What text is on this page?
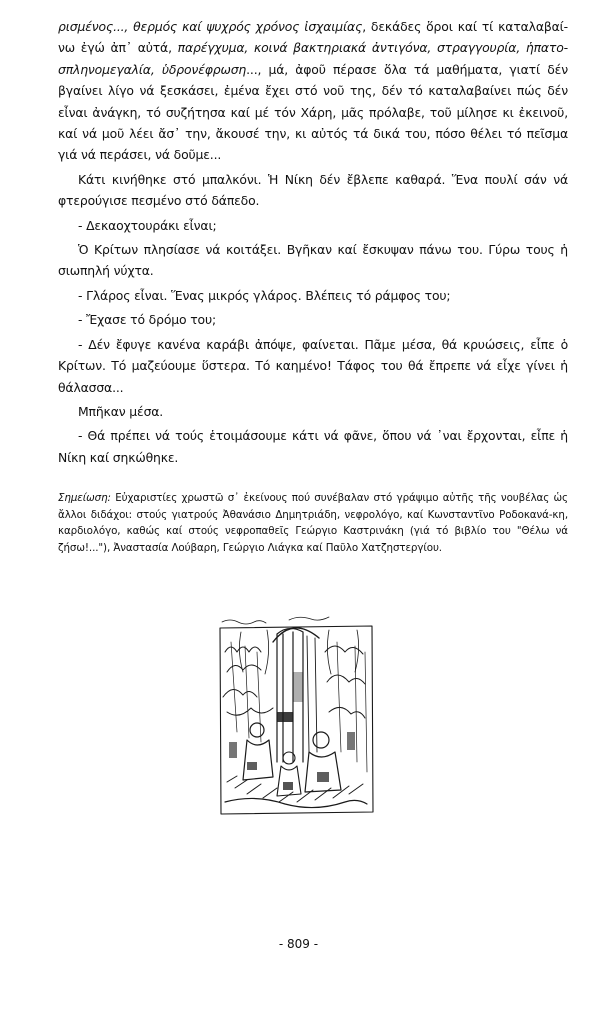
ρισμένος..., θερμός καί ψυχρός χρόνος ἰσχαιμίας, δεκάδες ὅροι καί τί καταλαβαί-νω ἐγώ ἀπ᾽ αὐτά, παρέγχυμα, κοινά βακτηριακά ἀντιγόνα, στραγγουρία, ἡπατο-σπληνομεγαλία, ὑδρονέφρωση..., μά, ἀφοῦ πέρασε ὅλα τά μαθήματα, γιατί δέν βγαίνει λίγο νά ξεσκάσει, ἐμένα ἔχει στό νοῦ της, δέν τό καταλαβαίνει πώς δέν εἶναι ἀνάγκη, τό συζήτησα καί μέ τόν Χάρη, μᾶς πρόλαβε, τοῦ μίλησε κι ἐκεινοῦ, καί νά μοῦ λέει ἄσ᾽ την, ἄκουσέ την, κι αὐτός τά δικά του, πόσο θέλει τό πεῖσμα γιά νά περάσει, νά δοῦμε...

Κάτι κινήθηκε στό μπαλκόνι. Ἡ Νίκη δέν ἔβλεπε καθαρά. Ἕνα πουλί σάν νά φτερούγισε πεσμένο στό δάπεδο.

- Δεκαοχτουράκι εἶναι;

Ὁ Κρίτων πλησίασε νά κοιτάξει. Βγῆκαν καί ἔσκυψαν πάνω του. Γύρω τους ἡ σιωπηλή νύχτα.

- Γλάρος εἶναι. Ἕνας μικρός γλάρος. Βλέπεις τό ράμφος του;

- Ἔχασε τό δρόμο του;

- Δέν ἔφυγε κανένα καράβι ἀπόψε, φαίνεται. Πᾶμε μέσα, θά κρυώσεις, εἶπε ὁ Κρίτων. Τό μαζεύουμε ὕστερα. Τό καημένο! Τάφος του θά ἔπρεπε νά εἶχε γίνει ἡ θάλασσα...

Μπῆκαν μέσα.

- Θά πρέπει νά τούς ἑτοιμάσουμε κάτι νά φᾶνε, ὅπου νά ᾽ναι ἔρχονται, εἶπε ἡ Νίκη καί σηκώθηκε.

Σημείωση: Εὐχαριστίες χρωστῶ σ᾽ ἐκείνους πού συνέβαλαν στό γράψιμο αὐτῆς τῆς νουβέλας ὡς ἄλλοι διδάχοι: στούς γιατρούς Ἀθανάσιο Δημητριάδη, νεφρολόγο, καί Κωνσταντῖνο Ροδοκανά-κη, καρδιολόγο, καθώς καί στούς νεφροπαθεῖς Γεώργιο Καστρινάκη (γιά τό βιβλίο του "Θέλω νά ζήσω!..."), Ἀναστασία Λούβαρη, Γεώργιο Λιάγκα καί Παῦλο Χατζηστεργίου.
- 809 -
